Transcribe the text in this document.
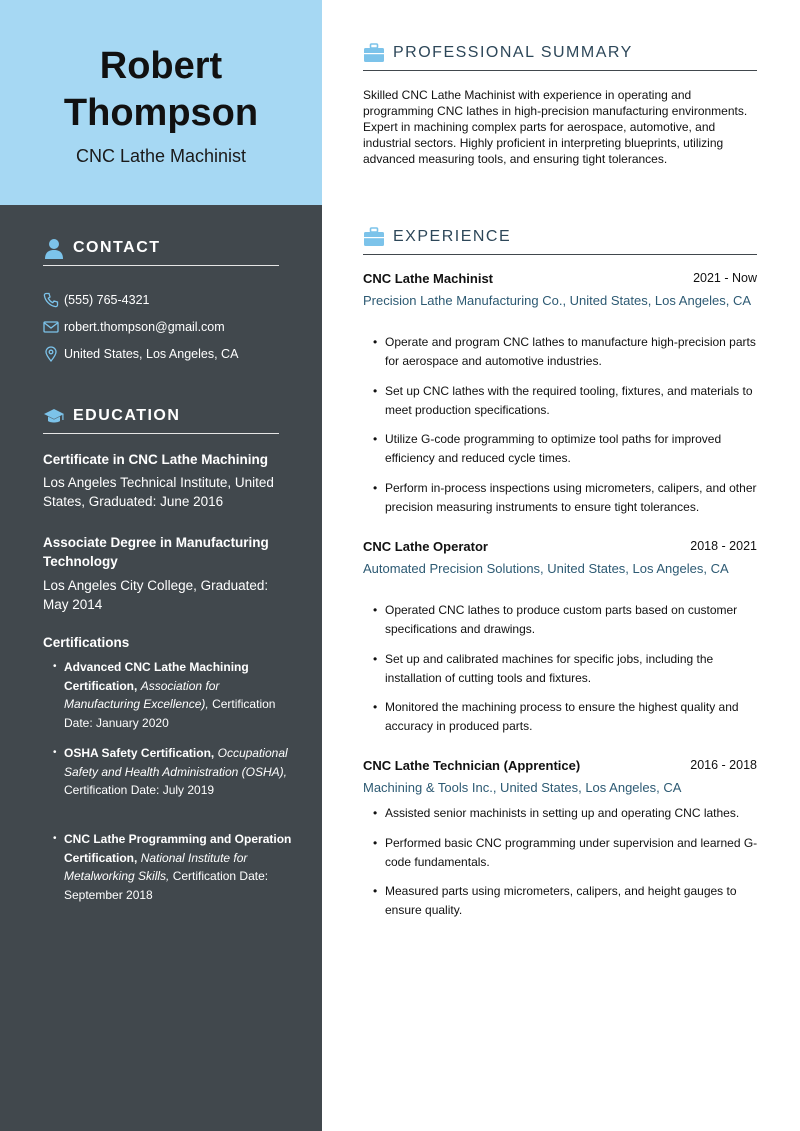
Robert
Thompson
CNC Lathe Machinist
CONTACT
(555) 765-4321
robert.thompson@gmail.com
United States, Los Angeles, CA
EDUCATION
Certificate in CNC Lathe Machining
Los Angeles Technical Institute, United States, Graduated: June 2016
Associate Degree in Manufacturing Technology
Los Angeles City College, Graduated: May 2014
Certifications
• Advanced CNC Lathe Machining Certification, Association for Manufacturing Excellence), Certification Date: January 2020
• OSHA Safety Certification, Occupational Safety and Health Administration (OSHA), Certification Date: July 2019
• CNC Lathe Programming and Operation Certification, National Institute for Metalworking Skills, Certification Date: September 2018
PROFESSIONAL SUMMARY
Skilled CNC Lathe Machinist with experience in operating and programming CNC lathes in high-precision manufacturing environments. Expert in machining complex parts for aerospace, automotive, and industrial sectors. Highly proficient in interpreting blueprints, utilizing advanced measuring tools, and ensuring tight tolerances.
EXPERIENCE
CNC Lathe Machinist	2021 - Now
Precision Lathe Manufacturing Co., United States, Los Angeles, CA
• Operate and program CNC lathes to manufacture high-precision parts for aerospace and automotive industries.
• Set up CNC lathes with the required tooling, fixtures, and materials to meet production specifications.
• Utilize G-code programming to optimize tool paths for improved efficiency and reduced cycle times.
• Perform in-process inspections using micrometers, calipers, and other precision measuring instruments to ensure tight tolerances.
CNC Lathe Operator	2018 - 2021
Automated Precision Solutions, United States, Los Angeles, CA
• Operated CNC lathes to produce custom parts based on customer specifications and drawings.
• Set up and calibrated machines for specific jobs, including the installation of cutting tools and fixtures.
• Monitored the machining process to ensure the highest quality and accuracy in produced parts.
CNC Lathe Technician (Apprentice)	2016 - 2018
Machining & Tools Inc., United States, Los Angeles, CA
• Assisted senior machinists in setting up and operating CNC lathes.
• Performed basic CNC programming under supervision and learned G-code fundamentals.
• Measured parts using micrometers, calipers, and height gauges to ensure quality.
